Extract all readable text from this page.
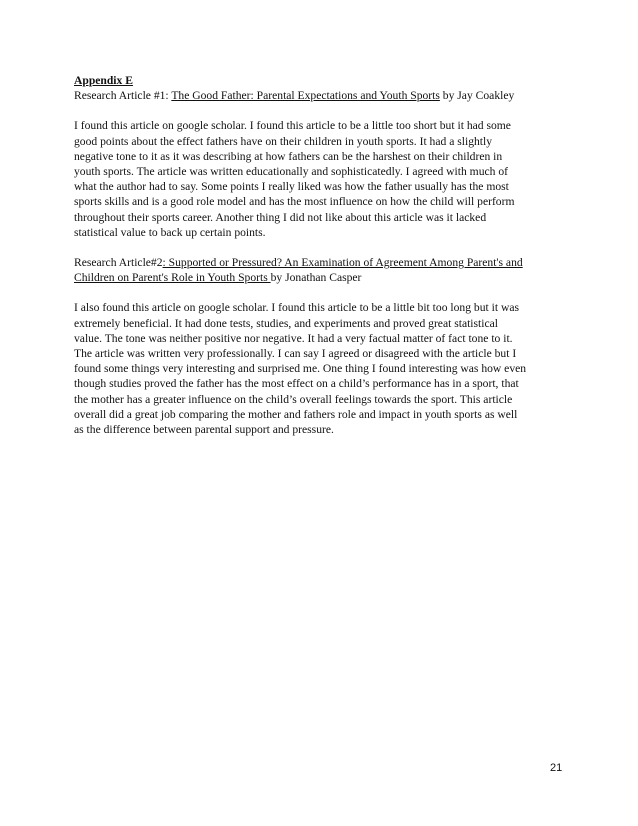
Appendix E

Research Article #1: The Good Father: Parental Expectations and Youth Sports by Jay Coakley

I found this article on google scholar. I found this article to be a little too short but it had some

good points about the effect fathers have on their children in youth sports. It had a slightly

negative tone to it as it was describing at how fathers can be the harshest on their children in

youth sports. The article was written educationally and sophisticatedly. I agreed with much of

what the author had to say. Some points I really liked was how the father usually has the most

sports skills and is a good role model and has the most influence on how the child will perform

throughout their sports career. Another thing I did not like about this article was it lacked

statistical value to back up certain points.

Research Article#2: Supported or Pressured? An Examination of Agreement Among Parent's and

Children on Parent's Role in Youth Sports by Jonathan Casper

I also found this article on google scholar. I found this article to be a little bit too long but it was

extremely beneficial. It had done tests, studies, and experiments and proved great statistical

value. The tone was neither positive nor negative. It had a very factual matter of fact tone to it.

The article was written very professionally. I can say I agreed or disagreed with the article but I

found some things very interesting and surprised me. One thing I found interesting was how even

though studies proved the father has the most effect on a child’s performance has in a sport, that

the mother has a greater influence on the child’s overall feelings towards the sport. This article

overall did a great job comparing the mother and fathers role and impact in youth sports as well

as the difference between parental support and pressure.

21
